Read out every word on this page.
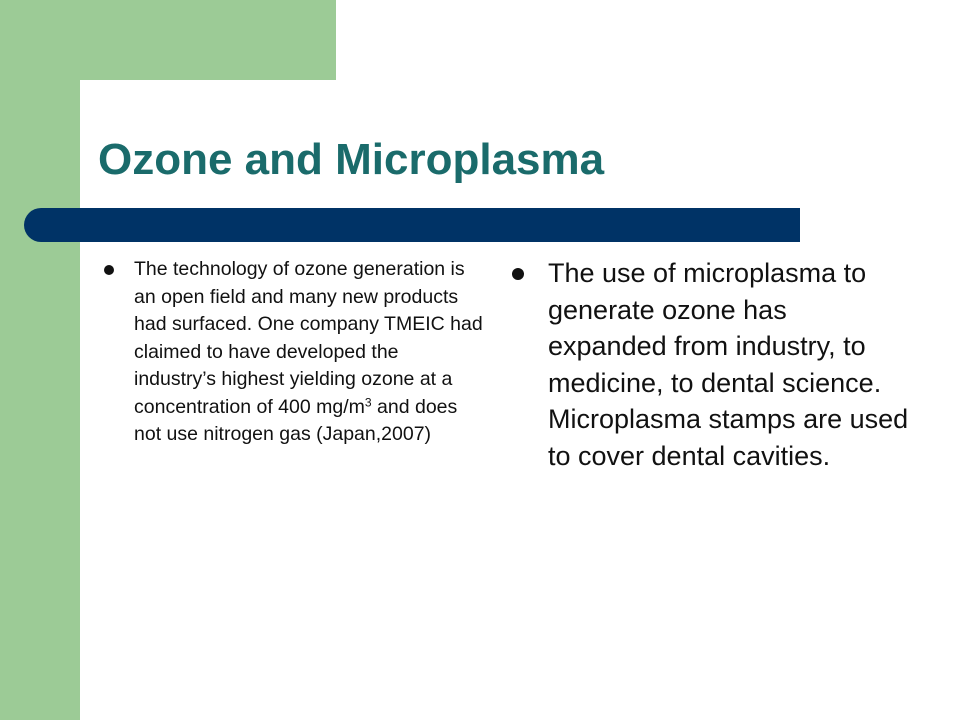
Ozone and Microplasma
The technology of ozone generation is an open field and many new products had surfaced. One company TMEIC had claimed to have developed the industry’s highest yielding ozone at a concentration of 400 $mg/m^3$ and does not use nitrogen gas (Japan,2007)
The use of microplasma to generate ozone has expanded from industry, to medicine, to dental science. Microplasma stamps are used to cover dental cavities.
